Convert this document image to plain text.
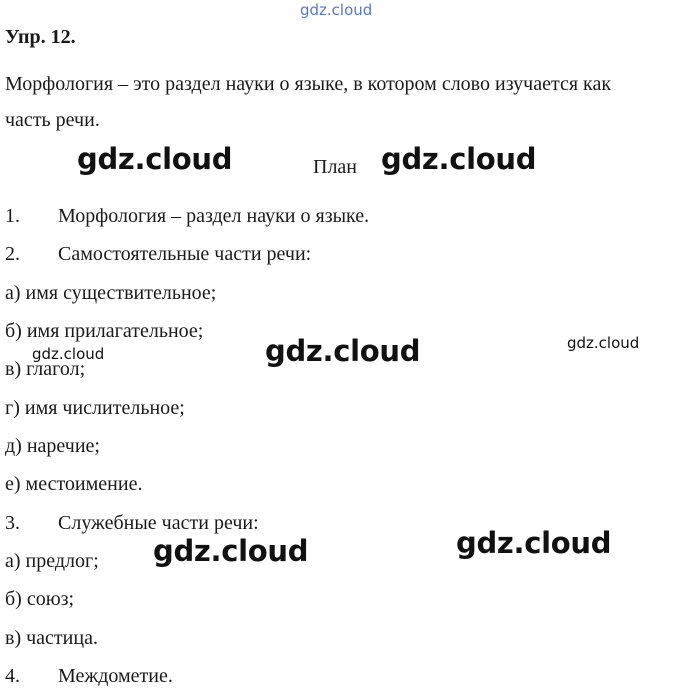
gdz.cloud
Упр. 12.
Морфология – это раздел науки о языке, в котором слово изучается как
часть речи.
План
1. Морфология – раздел науки о языке.
2. Самостоятельные части речи:
а) имя существительное;
б) имя прилагательное;
в) глагол;
г) имя числительное;
д) наречие;
е) местоимение.
3. Служебные части речи:
а) предлог;
б) союз;
в) частица.
4. Междометие.
gdz.cloud	gdz.cloud
gdz.cloud	gdz.cloud	gdz.cloud
gdz.cloud	gdz.cloud
